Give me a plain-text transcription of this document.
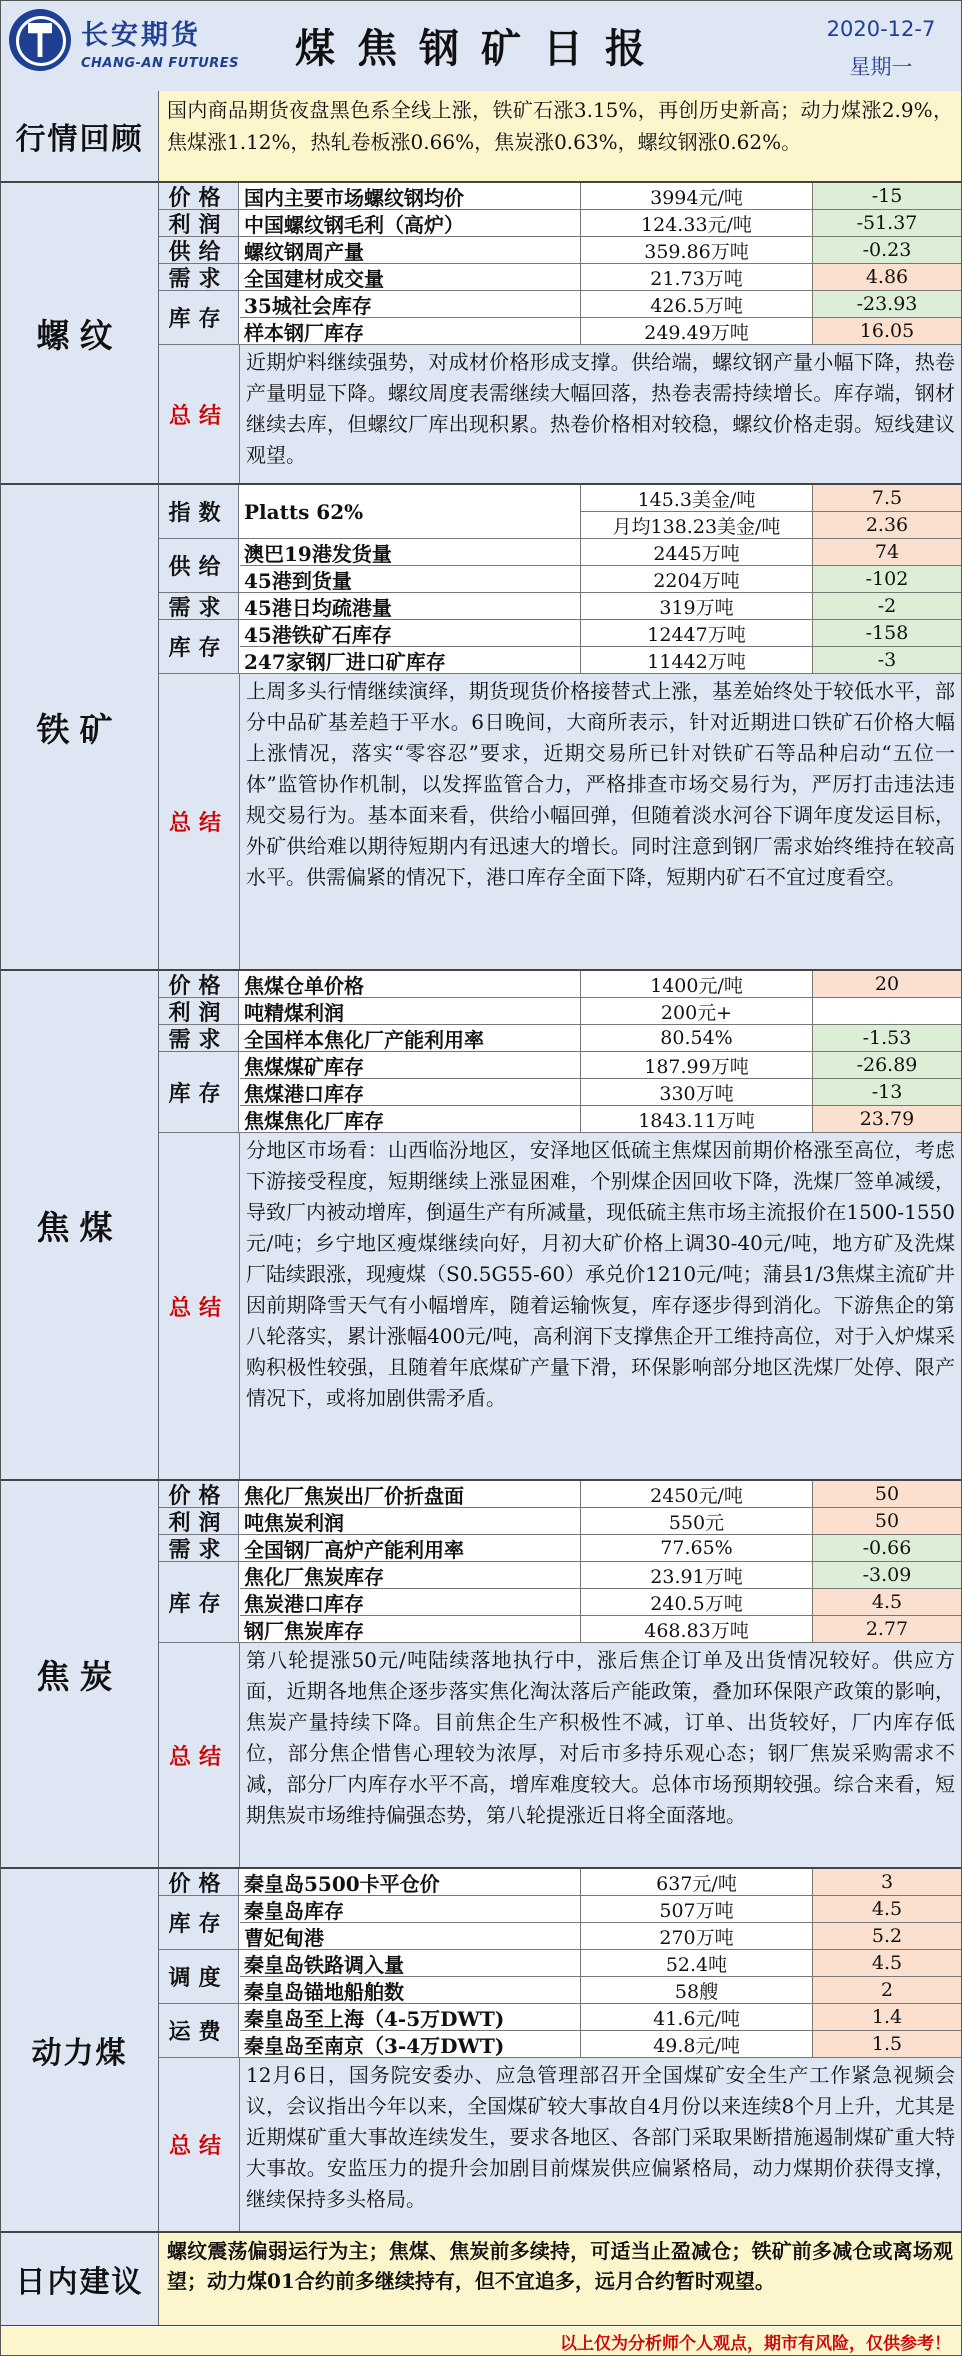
长安期货
CHANG-AN FUTURES	煤焦钢矿日报	2020-12-7
星期一
行情回顾
国内商品期货夜盘黑色系全线上涨，铁矿石涨3.15%，再创历史新高；动力煤涨2.9%，焦煤涨1.12%，热轧卷板涨0.66%，焦炭涨0.63%，螺纹钢涨0.62%。
螺纹
价格 国内主要市场螺纹钢均价	3994元/吨	-15
利润 中国螺纹钢毛利（高炉）	124.33元/吨	-51.37
供给 螺纹钢周产量	359.86万吨	-0.23
需求 全国建材成交量	21.73万吨	4.86
库存
35城社会库存	426.5万吨	-23.93
样本钢厂库存	249.49万吨	16.05
总结
近期炉料继续强势，对成材价格形成支撑。供给端，螺纹钢产量小幅下降，热卷产量明显下降。螺纹周度表需继续大幅回落，热卷表需持续增长。库存端，钢材继续去库，但螺纹厂库出现积累。热卷价格相对较稳，螺纹价格走弱。短线建议观望。
铁矿
指数 Platts 62%	145.3美金/吨	7.5
月均138.23美金/吨	2.36
供给
澳巴19港发货量	2445万吨	74
45港到货量	2204万吨	-102
需求 45港日均疏港量	319万吨	-2
库存
45港铁矿石库存	12447万吨	-158
247家钢厂进口矿库存	11442万吨	-3
总结
上周多头行情继续演绎，期货现货价格接替式上涨，基差始终处于较低水平，部分中品矿基差趋于平水。6日晚间，大商所表示，针对近期进口铁矿石价格大幅上涨情况，落实“零容忍”要求，近期交易所已针对铁矿石等品种启动“五位一体”监管协作机制，以发挥监管合力，严格排查市场交易行为，严厉打击违法违规交易行为。基本面来看，供给小幅回弹，但随着淡水河谷下调年度发运目标，外矿供给难以期待短期内有迅速大的增长。同时注意到钢厂需求始终维持在较高水平。供需偏紧的情况下，港口库存全面下降，短期内矿石不宜过度看空。
焦煤
价格 焦煤仓单价格	1400元/吨	20
利润 吨精煤利润	200元+
需求 全国样本焦化厂产能利用率	80.54%	-1.53
库存
焦煤煤矿库存	187.99万吨	-26.89
焦煤港口库存	330万吨	-13
焦煤焦化厂库存	1843.11万吨	23.79
总结
分地区市场看：山西临汾地区，安泽地区低硫主焦煤因前期价格涨至高位，考虑下游接受程度，短期继续上涨显困难，个别煤企因回收下降，洗煤厂签单减缓，导致厂内被动增库，倒逼生产有所减量，现低硫主焦市场主流报价在1500-1550元/吨；乡宁地区瘦煤继续向好，月初大矿价格上调30-40元/吨，地方矿及洗煤厂陆续跟涨，现瘦煤（S0.5G55-60）承兑价1210元/吨；蒲县1/3焦煤主流矿井因前期降雪天气有小幅增库，随着运输恢复，库存逐步得到消化。下游焦企的第八轮落实，累计涨幅400元/吨，高利润下支撑焦企开工维持高位，对于入炉煤采购积极性较强，且随着年底煤矿产量下滑，环保影响部分地区洗煤厂处停、限产情况下，或将加剧供需矛盾。
焦炭
价格 焦化厂焦炭出厂价折盘面	2450元/吨	50
利润 吨焦炭利润	550元	50
需求 全国钢厂高炉产能利用率	77.65%	-0.66
库存
焦化厂焦炭库存	23.91万吨	-3.09
焦炭港口库存	240.5万吨	4.5
钢厂焦炭库存	468.83万吨	2.77
总结
第八轮提涨50元/吨陆续落地执行中，涨后焦企订单及出货情况较好。供应方面，近期各地焦企逐步落实焦化淘汰落后产能政策，叠加环保限产政策的影响，焦炭产量持续下降。目前焦企生产积极性不减，订单、出货较好，厂内库存低位，部分焦企惜售心理较为浓厚，对后市多持乐观心态；钢厂焦炭采购需求不减，部分厂内库存水平不高，增库难度较大。总体市场预期较强。综合来看，短期焦炭市场维持偏强态势，第八轮提涨近日将全面落地。
动力煤
价格 秦皇岛5500卡平仓价	637元/吨	3
库存
秦皇岛库存	507万吨	4.5
曹妃甸港	270万吨	5.2
调度
秦皇岛铁路调入量	52.4吨	4.5
秦皇岛锚地船舶数	58艘	2
运费
秦皇岛至上海（4-5万DWT)	41.6元/吨	1.4
秦皇岛至南京（3-4万DWT)	49.8元/吨	1.5
总结
12月6日，国务院安委办、应急管理部召开全国煤矿安全生产工作紧急视频会议，会议指出今年以来，全国煤矿较大事故自4月份以来连续8个月上升，尤其是近期煤矿重大事故连续发生，要求各地区、各部门采取果断措施遏制煤矿重大特大事故。安监压力的提升会加剧目前煤炭供应偏紧格局，动力煤期价获得支撑，继续保持多头格局。
日内建议
螺纹震荡偏弱运行为主；焦煤、焦炭前多续持，可适当止盈减仓；铁矿前多减仓或离场观望；动力煤01合约前多继续持有，但不宜追多，远月合约暂时观望。
以上仅为分析师个人观点，期市有风险，仅供参考！
